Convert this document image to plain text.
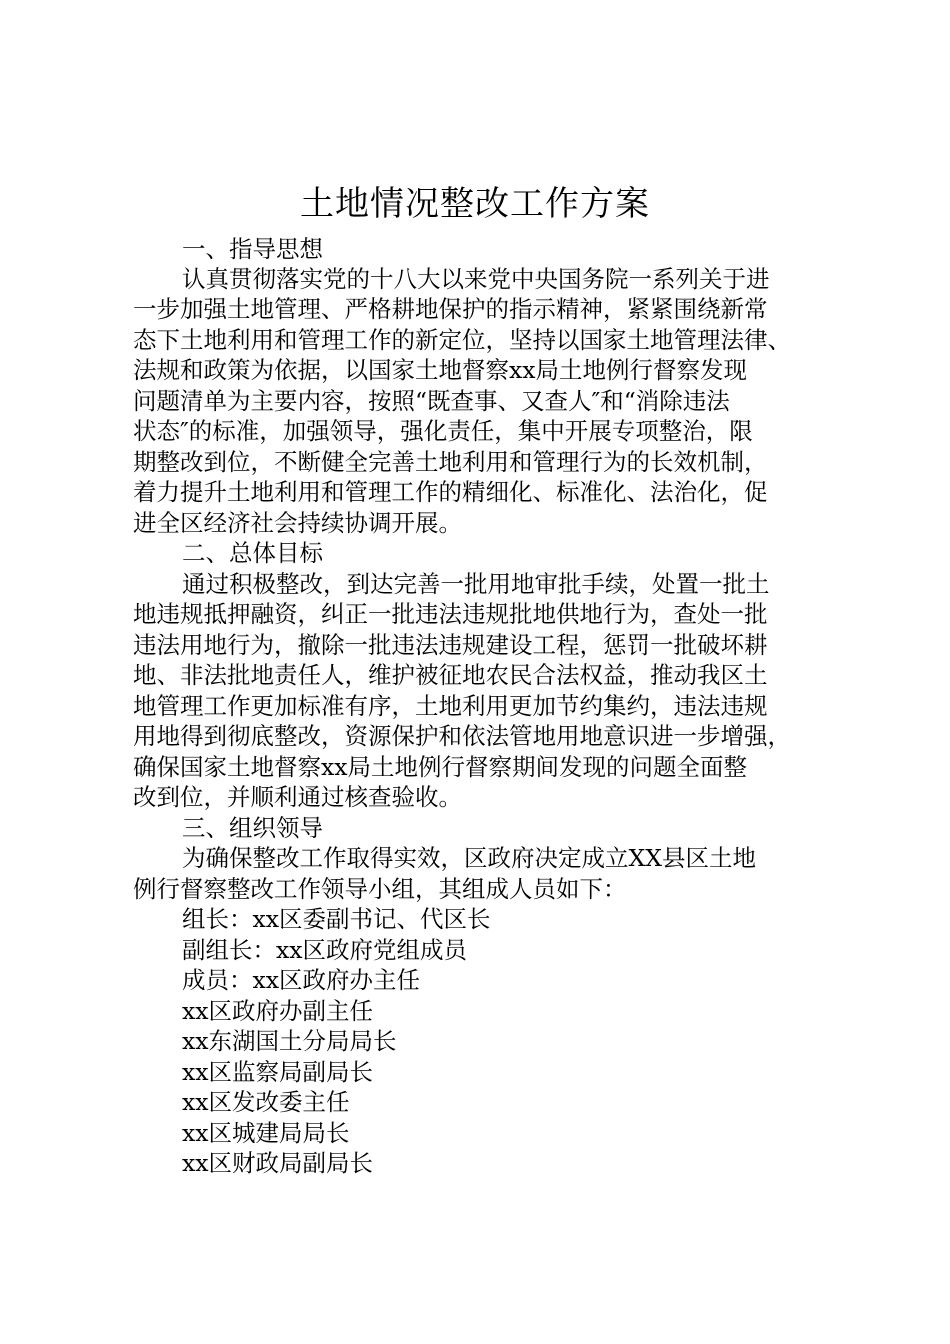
土地情况整改工作方案
一、指导思想
认真贯彻落实党的十八大以来党中央国务院一系列关于进
一步加强土地管理、严格耕地保护的指示精神，紧紧围绕新常
态下土地利用和管理工作的新定位，坚持以国家土地管理法律、
法规和政策为依据，以国家土地督察xx局土地例行督察发现
问题清单为主要内容，按照“既查事、又查人″和“消除违法
状态″的标准，加强领导，强化责任，集中开展专项整治，限
期整改到位，不断健全完善土地利用和管理行为的长效机制，
着力提升土地利用和管理工作的精细化、标准化、法治化，促
进全区经济社会持续协调开展。
二、总体目标
通过积极整改，到达完善一批用地审批手续，处置一批土
地违规抵押融资，纠正一批违法违规批地供地行为，查处一批
违法用地行为，撤除一批违法违规建设工程，惩罚一批破坏耕
地、非法批地责任人，维护被征地农民合法权益，推动我区土
地管理工作更加标准有序，土地利用更加节约集约，违法违规
用地得到彻底整改，资源保护和依法管地用地意识进一步增强，
确保国家土地督察xx局土地例行督察期间发现的问题全面整
改到位，并顺利通过核查验收。
三、组织领导
为确保整改工作取得实效，区政府决定成立XX县区土地
例行督察整改工作领导小组，其组成人员如下：
组长：xx区委副书记、代区长
副组长：xx区政府党组成员
成员：xx区政府办主任
xx区政府办副主任
xx东湖国土分局局长
xx区监察局副局长
xx区发改委主任
xx区城建局局长
xx区财政局副局长
